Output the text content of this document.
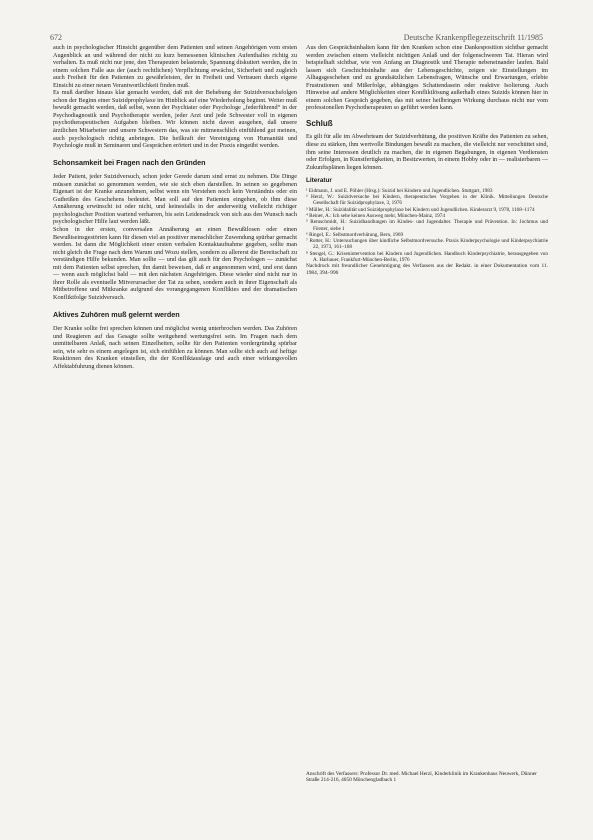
672	Deutsche Krankenpflegezeitschrift 11/1985

auch in psychologischer Hinsicht gegenüber dem Patienten und seinen Angehörigen vom ersten Augenblick an und während der nicht zu kurz bemessenen klinischen Aufenthaltes richtig zu verhalten. Es muß nicht nur jene, den Therapeuten belastende, Spannung diskutiert werden, die in einem solchen Falle aus der (auch rechtlichen) Verpflichtung erwächst, Sicherheit und zugleich auch Freiheit für den Patienten zu gewährleisten, der in Freiheit und Vertrauen durch eigene Einsicht zu einer neuen Verantwortlichkeit finden muß.

Es muß darüber hinaus klar gemacht werden, daß mit der Behebung der Suizidversuchsfolgen schon der Beginn einer Suizidprophylaxe im Hinblick auf eine Wiederholung beginnt. Weiter muß bewußt gemacht werden, daß selbst, wenn der Psychiater oder Psychologe „federführend“ in der Psychodiagnostik und Psychotherapie werden, jeder Arzt und jede Schwester voll in eigenen psychotherapeutischen Aufgaben bleiben. Wir können nicht davon ausgehen, daß unsere ärztlichen Mitarbeiter und unsere Schwestern das, was sie mitmenschlich einfühlend gut meinen, auch psychologisch richtig anbringen. Die heilkraft der Vereinigung von Humanität und Psychologie muß in Seminaren und Gesprächen erörtert und in der Praxis eingeübt werden.

Schonsamkeit bei Fragen nach den Gründen

Jeder Patient, jeder Suizidversuch, schon jeder Gerede darum sind ernst zu nehmen. Die Dinge müssen zunächst so genommen werden, wie sie sich eben darstellen. In seinen so gegebenen Eigenart ist der Kranke anzunehmen, selbst wenn ein Verstehen noch kein Verständnis oder ein Gutheißen des Geschehens bedeutet. Man soll auf den Patienten eingehen, ob ihm diese Annäherung erwünscht ist oder nicht, und keinesfalls in der anderweitig vielleicht richtiger psychologischer Position wartend verharren, bis sein Leidensdruck von sich aus den Wunsch nach psychologischer Hilfe laut werden läßt.

Schon in der ersten, conversalen Annäherung an einen Bewußtlosen oder einen Bewußtseinsgestörten kann für diesen viel an positiver menschlicher Zuwendung spürbar gemacht werden. Ist dann die Möglichkeit einer ersten verbalen Kontaktaufnahme gegeben, sollte man nicht gleich die Frage nach dem Warum und Wozu stellen, sondern zu allererst die Bereitschaft zu verständigen Hilfe bekunden. Man sollte — und das gilt auch für den Psychologen — zunächst mit dem Patienten selbst sprechen, ihn damit beweisen, daß er angenommen wird, und erst dann — wenn auch möglichst bald — mit den nächsten Angehörigen. Diese wieder sind nicht nur in ihrer Rolle als eventuelle Mitverursacher der Tat zu sehen, sondern auch in ihrer Eigenschaft als Mitbetroffene und Mitkranke aufgrund des vorangegangenen Konfliktes und der dramatischen Konfliktfolge Suizidversuch.

Aktives Zuhören muß gelernt werden

Der Kranke sollte frei sprechen können und möglichst wenig unterbrochen werden. Das Zuhören und Reagieren auf das Gesagte sollte weitgehend wertungsfrei sein. Im Fragen nach dem unmittelbaren Anlaß, nach seinen Einzelheiten, sollte für den Patienten vordergründig spürbar sein, wie sehr es einem angelegen ist, sich einfühlen zu können. Man sollte sich auch auf heftige Reaktionen des Kranken einstellen, die der Konfliktauslage und auch einer wirkungsvollen Affektabfuhrung dienen können.

Aus den Gesprächsinhalten kann für den Kranken schon eine Dankesposition sichtbar gemacht werden zwischen einem vielleicht nichtigen Anlaß und der folgenschweren Tat. Hieran wird beispielhaft sichtbar, wie von Anfang an Diagnostik und Therapie nebeneinander laufen. Bald lassen sich Geschichtsinhalte aus der Lebensgeschichte, zeigen sie Einstellungen im Alltagsgeschehen und zu grundsätzlichen Lebensfragen, Wünsche und Erwartungen, erlebte Frustrationen und Mißerfolge, abhängiges Schattendasein oder reaktive Isolierung. Auch Hinweise auf andere Möglichkeiten einer Konfliktlösung außerhalb eines Suizids können hier in einem solchen Gespräch gegeben, das mit seiner heilbringen Wirkung durchaus nicht nur vom professionellen Psychotherapeuten so geführt werden kann.

Schluß

Es gilt für alle im Abwehrteam der Suizidverhütung, die positiven Kräfte des Patienten zu sehen, diese zu stärken, ihm wertvolle Bindungen bewußt zu machen, die vielleicht nur verschüttet sind, ihm seine Interessen deutlich zu machen, die in eigenen Begabungen, in eigenen Verdiensten oder Erfolgen, in Kunstfertigkeiten, in Besitzwerten, in einem Hobby oder in — realisierbaren — Zukunftsplänen liegen können.

Literatur
¹ Eidmann, J. und E. Pöhler (Hrsg.): Suizid bei Kindern und Jugendlichen. Stuttgart, 1983
² Herzl, W.: Suizidversuche bei Kindern, therapeutisches Vorgehen in der Klinik. Mitteilungen Deutsche Gesellschaft für Suizidprophylaxe, 3, 1976
³ Müller, H.: Suizidalität und Suizidprophylaxe bei Kindern und Jugendlichen. Kinderarzt 9, 1978, 1168–1174
⁴ Reiner, A.: Ich sehe keinen Ausweg mehr, München-Mainz, 1974
⁵ Remschmidt, H.: Suizidhandlungen im Kindes- und Jugendalter. Therapie und Prävention. In: Jochmus und Förster, siehe 1
⁶ Ringel, E.: Selbstmordverhütung, Bern, 1969
⁷ Rotter, H.: Untersuchungen über kindliche Selbstmordversuche. Praxis Kinderpsychologie und Kinderpsychiatrie 22, 1973, 161–168
⁸ Stengel, G.: Krisenintervention bei Kindern und Jugendlichen. Handbuch Kinderpsychiatrie, herausgegeben von A. Harbauer, Frankfurt-München-Berlin, 1976

Nachdruck mit freundlicher Genehmigung des Verfassers aus der Redakt. in einer Dokumentation vom 11. 1984, 394–996

Anschrift des Verfassers: Professor Dr. med. Michael Herzl, Kinderklinik im Krankenhaus Neuwerk, Dünner Straße 214-216, 4050 Mönchengladbach 1
